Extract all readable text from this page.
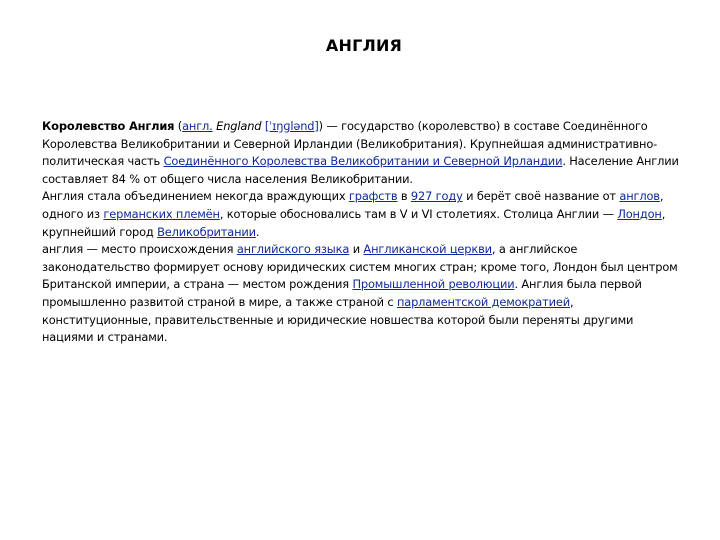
АНГЛИЯ

Королевство Англия (англ. England [ˈɪŋɡlənd]) — государство (королевство) в составе Соединённого Королевства Великобритании и Северной Ирландии (Великобритания). Крупнейшая административно-политическая часть Соединённого Королевства Великобритании и Северной Ирландии. Население Англии составляет 84 % от общего числа населения Великобритании.

Англия стала объединением некогда враждующих графств в 927 году и берёт своё название от англов, одного из германских племён, которые обосновались там в V и VI столетиях. Столица Англии — Лондон, крупнейший город Великобритании.

англия — место происхождения английского языка и Англиканской церкви, а английское законодательство формирует основу юридических систем многих стран; кроме того, Лондон был центром Британской империи, а страна — местом рождения Промышленной революции. Англия была первой промышленно развитой страной в мире, а также страной с парламентской демократией, конституционные, правительственные и юридические новшества которой были переняты другими нациями и странами.
